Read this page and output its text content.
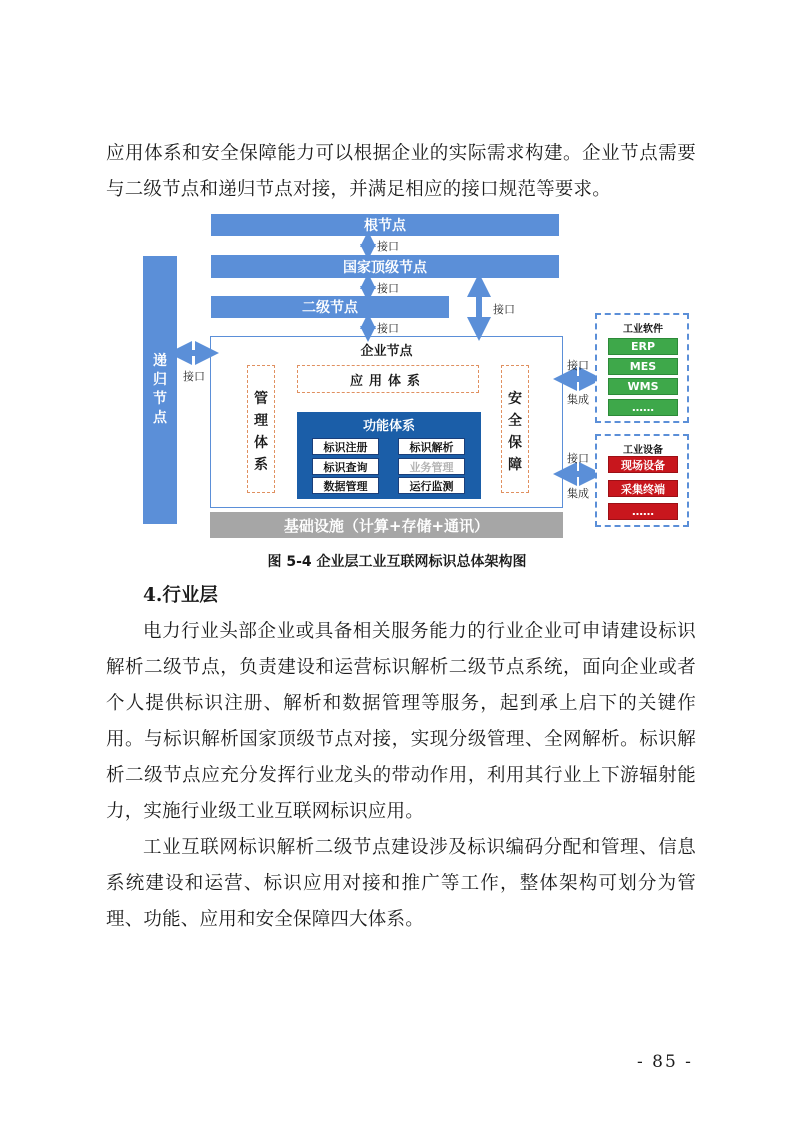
应用体系和安全保障能力可以根据企业的实际需求构建。企业节点需要与二级节点和递归节点对接，并满足相应的接口规范等要求。
根节点
接口
国家顶级节点
接口
二级节点
接口
接口
递归节点
接口
企业节点
应用体系
管理体系
安全保障
功能体系
标识注册	标识解析
标识查询	业务管理
数据管理	运行监测
基础设施（计算+存储+通讯）
接口
集成
接口
集成
工业软件
ERP
MES
WMS
……
工业设备
现场设备
采集终端
……
图 5-4 企业层工业互联网标识总体架构图
4.行业层
电力行业头部企业或具备相关服务能力的行业企业可申请建设标识解析二级节点，负责建设和运营标识解析二级节点系统，面向企业或者个人提供标识注册、解析和数据管理等服务，起到承上启下的关键作用。与标识解析国家顶级节点对接，实现分级管理、全网解析。标识解析二级节点应充分发挥行业龙头的带动作用，利用其行业上下游辐射能力，实施行业级工业互联网标识应用。
工业互联网标识解析二级节点建设涉及标识编码分配和管理、信息系统建设和运营、标识应用对接和推广等工作，整体架构可划分为管理、功能、应用和安全保障四大体系。
- 85 -
